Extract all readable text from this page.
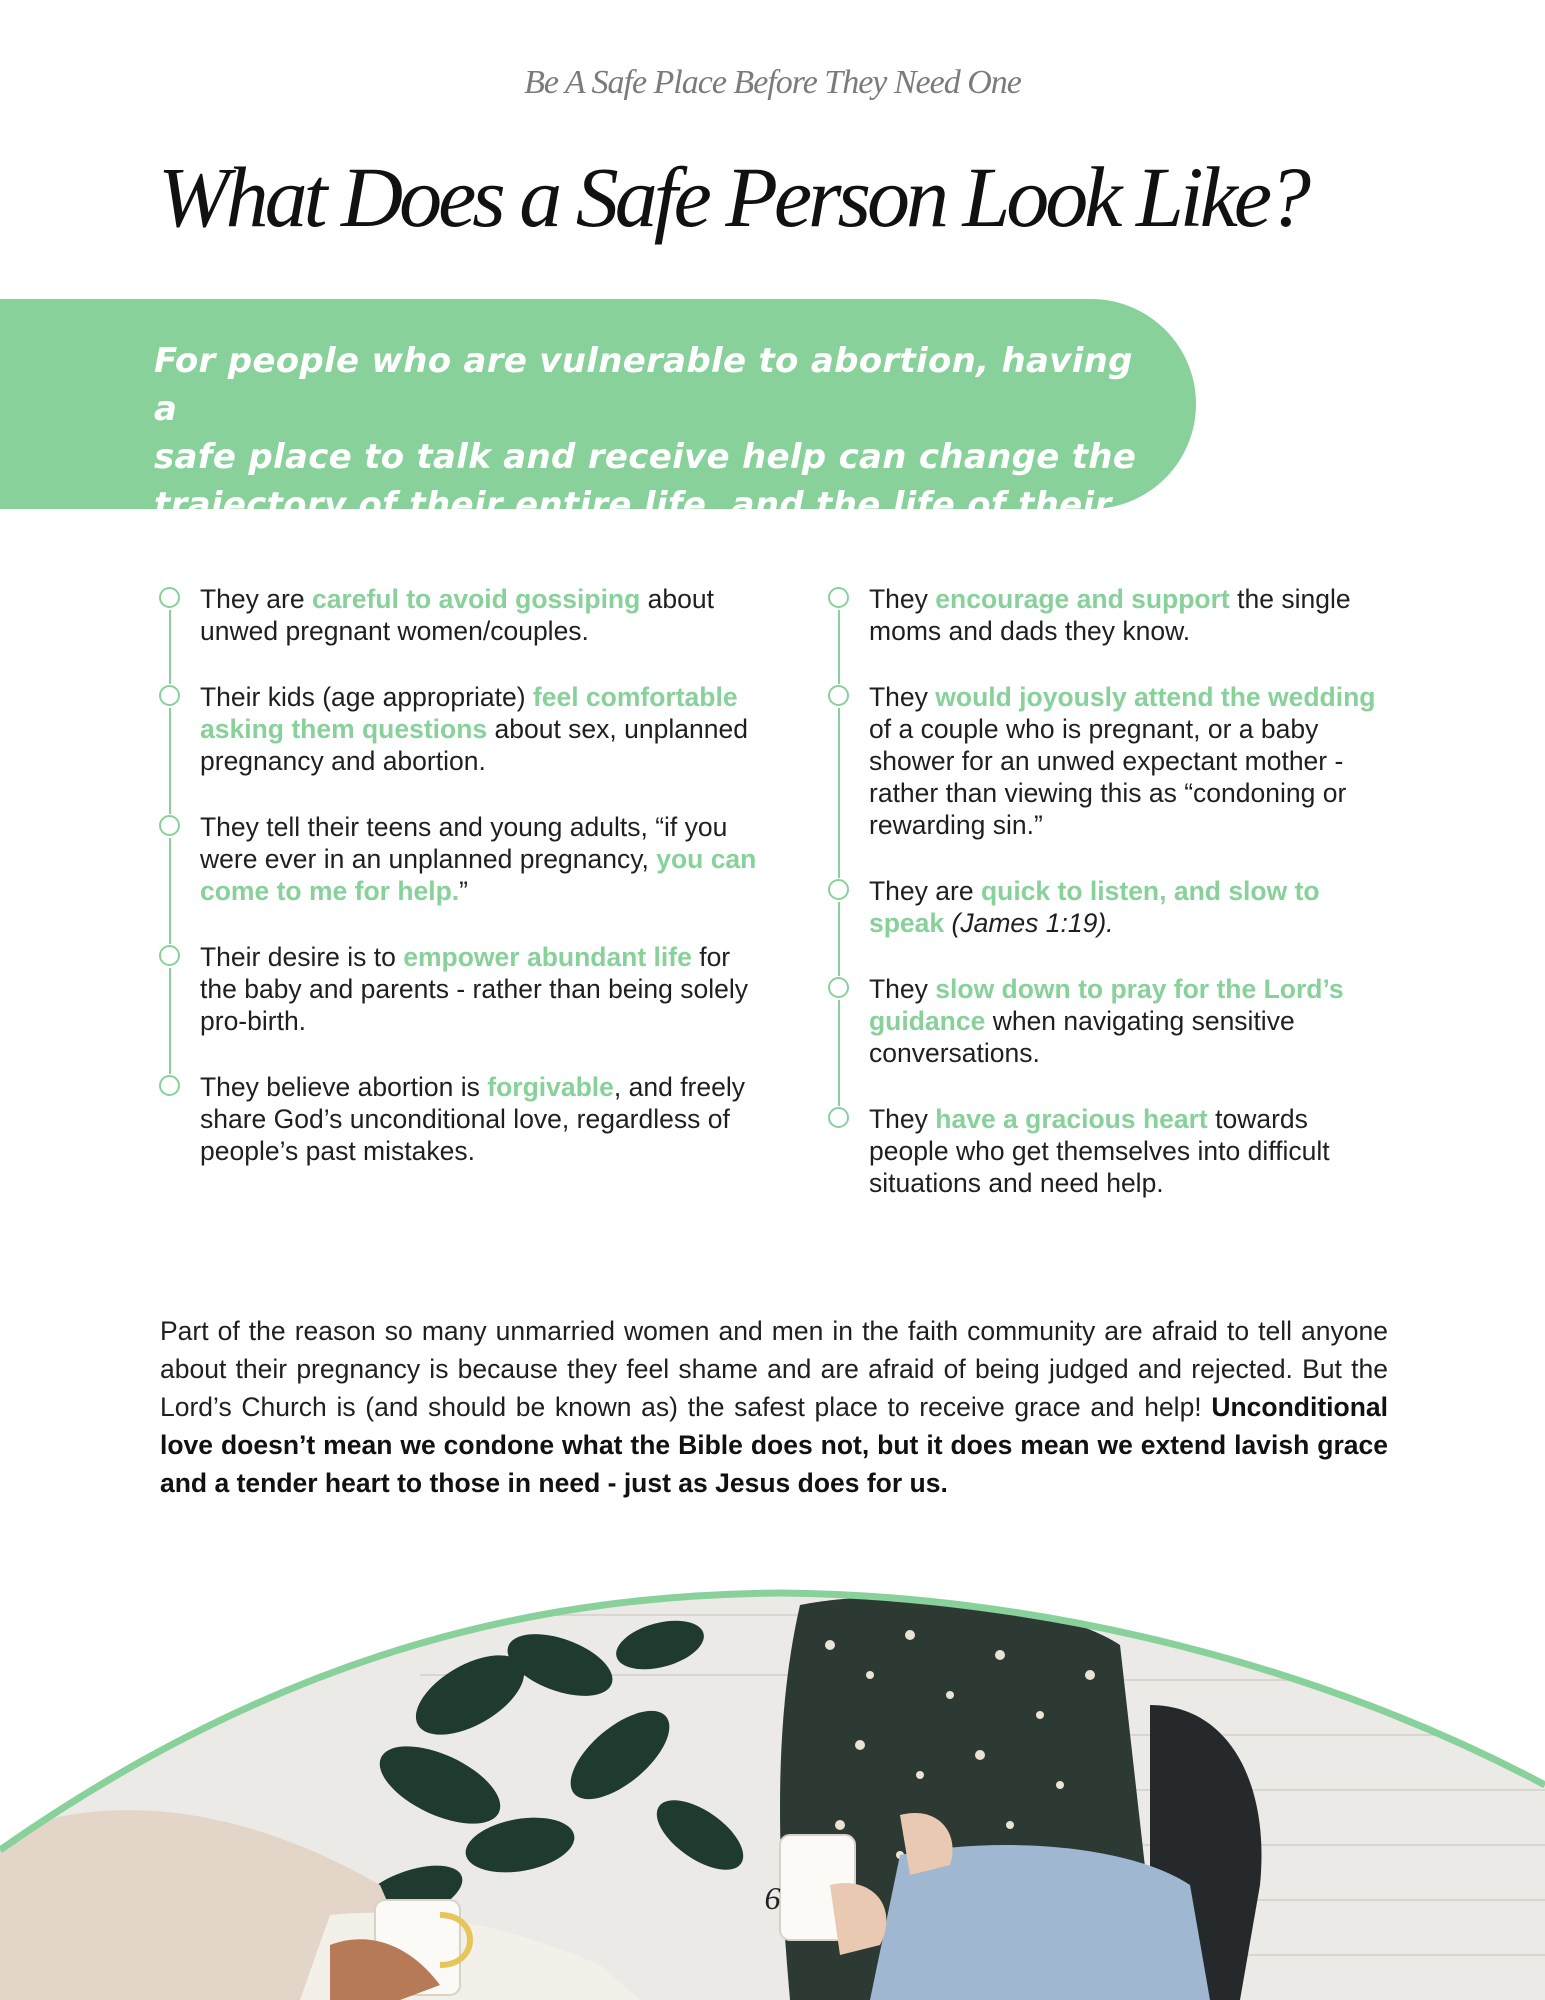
Be A Safe Place Before They Need One
What Does a Safe Person Look Like?

For people who are vulnerable to abortion, having a
safe place to talk and receive help can change the
trajectory of their entire life, and the life of their child.

They are careful to avoid gossiping about unwed pregnant women/couples.
Their kids (age appropriate) feel comfortable asking them questions about sex, unplanned pregnancy and abortion.
They tell their teens and young adults, “if you were ever in an unplanned pregnancy, you can come to me for help.”
Their desire is to empower abundant life for the baby and parents - rather than being solely pro-birth.
They believe abortion is forgivable, and freely share God’s unconditional love, regardless of people’s past mistakes.
They encourage and support the single moms and dads they know.
They would joyously attend the wedding of a couple who is pregnant, or a baby shower for an unwed expectant mother - rather than viewing this as “condoning or rewarding sin.”
They are quick to listen, and slow to speak (James 1:19).
They slow down to pray for the Lord’s guidance when navigating sensitive conversations.
They have a gracious heart towards people who get themselves into difficult situations and need help.

Part of the reason so many unmarried women and men in the faith community are afraid to tell anyone about their pregnancy is because they feel shame and are afraid of being judged and rejected. But the Lord’s Church is (and should be known as) the safest place to receive grace and help! Unconditional love doesn’t mean we condone what the Bible does not, but it does mean we extend lavish grace and a tender heart to those in need - just as Jesus does for us.

6
